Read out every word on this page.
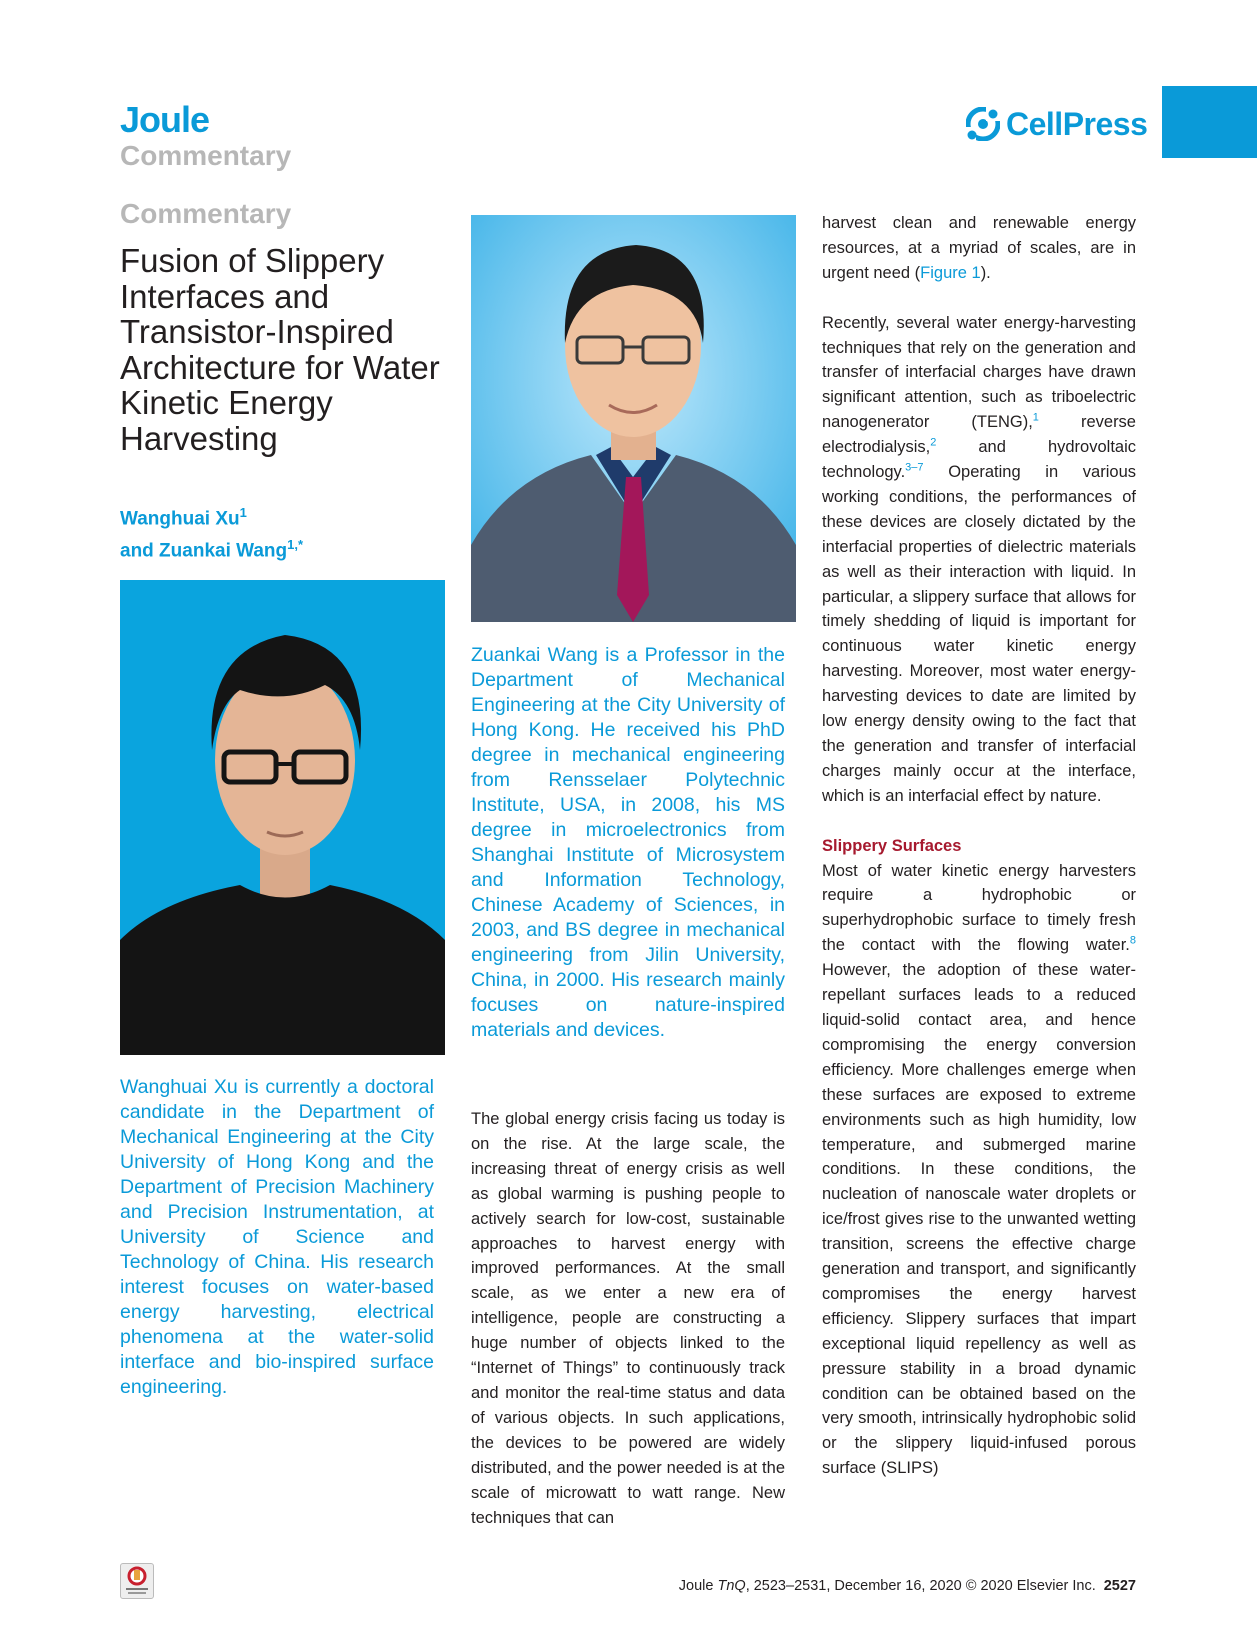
Joule
Commentary
CellPress
Commentary
Fusion of Slippery Interfaces and Transistor-Inspired Architecture for Water Kinetic Energy Harvesting
Wanghuai Xu$^1$
and Zuankai Wang$^{1,*}$
Wanghuai Xu is currently a doctoral candidate in the Department of Mechanical Engineering at the City University of Hong Kong and the Department of Precision Machinery and Precision Instrumentation, at University of Science and Technology of China. His research interest focuses on water-based energy harvesting, electrical phenomena at the water-solid interface and bio-inspired surface engineering.
Zuankai Wang is a Professor in the Department of Mechanical Engineering at the City University of Hong Kong. He received his PhD degree in mechanical engineering from Rensselaer Polytechnic Institute, USA, in 2008, his MS degree in microelectronics from Shanghai Institute of Microsystem and Information Technology, Chinese Academy of Sciences, in 2003, and BS degree in mechanical engineering from Jilin University, China, in 2000. His research mainly focuses on nature-inspired materials and devices.

The global energy crisis facing us today is on the rise. At the large scale, the increasing threat of energy crisis as well as global warming is pushing people to actively search for low-cost, sustainable approaches to harvest energy with improved performances. At the small scale, as we enter a new era of intelligence, people are constructing a huge number of objects linked to the “Internet of Things” to continuously track and monitor the real-time status and data of various objects. In such applications, the devices to be powered are widely distributed, and the power needed is at the scale of microwatt to watt range. New techniques that can

harvest clean and renewable energy resources, at a myriad of scales, are in urgent need (Figure 1).

Recently, several water energy-harvesting techniques that rely on the generation and transfer of interfacial charges have drawn significant attention, such as triboelectric nanogenerator (TENG),$^1$ reverse electrodialysis,$^2$ and hydrovoltaic technology.$^{3-7}$ Operating in various working conditions, the performances of these devices are closely dictated by the interfacial properties of dielectric materials as well as their interaction with liquid. In particular, a slippery surface that allows for timely shedding of liquid is important for continuous water kinetic energy harvesting. Moreover, most water energy-harvesting devices to date are limited by low energy density owing to the fact that the generation and transfer of interfacial charges mainly occur at the interface, which is an interfacial effect by nature.

Slippery Surfaces

Most of water kinetic energy harvesters require a hydrophobic or superhydrophobic surface to timely fresh the contact with the flowing water.$^8$ However, the adoption of these water-repellant surfaces leads to a reduced liquid-solid contact area, and hence compromising the energy conversion efficiency. More challenges emerge when these surfaces are exposed to extreme environments such as high humidity, low temperature, and submerged marine conditions. In these conditions, the nucleation of nanoscale water droplets or ice/frost gives rise to the unwanted wetting transition, screens the effective charge generation and transport, and significantly compromises the energy harvest efficiency. Slippery surfaces that impart exceptional liquid repellency as well as pressure stability in a broad dynamic condition can be obtained based on the very smooth, intrinsically hydrophobic solid or the slippery liquid-infused porous surface (SLIPS)

Joule TnQ, 2523–2531, December 16, 2020 © 2020 Elsevier Inc. 2527
